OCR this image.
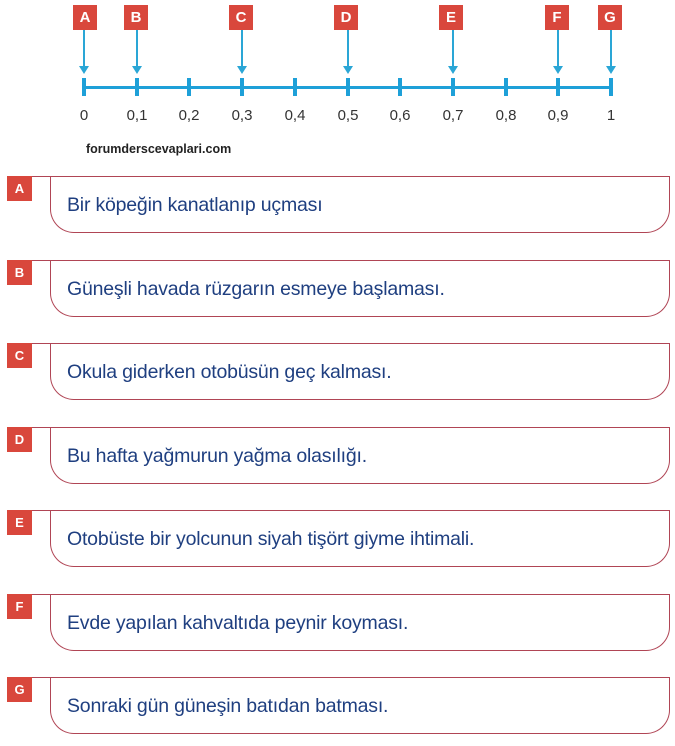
0	0,1	0,2	0,3	0,4	0,5	0,6	0,7	0,8	0,9	1
A	B	C	D	E	F	G
forumderscevaplari.com
A
Bir köpeğin kanatlanıp uçması
B
Güneşli havada rüzgarın esmeye başlaması.
C
Okula giderken otobüsün geç kalması.
D
Bu hafta yağmurun yağma olasılığı.
E
Otobüste bir yolcunun siyah tişört giyme ihtimali.
F
Evde yapılan kahvaltıda peynir koyması.
G
Sonraki gün güneşin batıdan batması.
